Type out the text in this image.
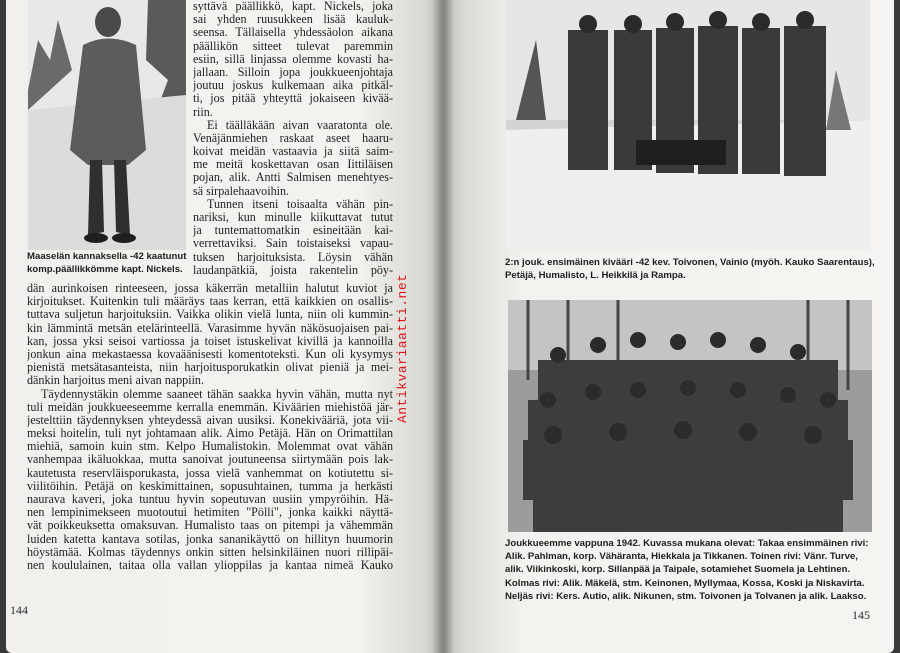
Maaselän kannaksella -42 kaatunut
komp.päällikkömme kapt. Nickels.
2:n jouk. ensimäinen kivääri -42 kev. Toivonen, Vainio (myöh. Kauko Saarentaus),
Petäjä, Humalisto, L. Heikkilä ja Rampa.
Joukkueemme vappuna 1942. Kuvassa mukana olevat: Takaa ensimmäinen rivi:
Alik. Pahlman, korp. Vähäranta, Hiekkala ja Tikkanen. Toinen rivi: Vänr. Turve,
alik. Viikinkoski, korp. Sillanpää ja Taipale, sotamiehet Suomela ja Lehtinen.
Kolmas rivi: Alik. Mäkelä, stm. Keinonen, Myllymaa, Kossa, Koski ja Niskavirta.
Neljäs rivi: Kers. Autio, alik. Nikunen, stm. Toivonen ja Tolvanen ja alik. Laakso.
syttävä päällikkö, kapt. Nickels, joka
sai yhden ruusukkeen lisää kauluk-
seensa. Tällaisella yhdessäolon aikana
päällikön sitteet tulevat paremmin
esiin, sillä linjassa olemme kovasti ha-
jallaan. Silloin jopa joukkueenjohtaja
joutuu joskus kulkemaan aika pitkäl-
ti, jos pitää yhteyttä jokaiseen kivää-
riin.
Ei täälläkään aivan vaaratonta ole.
Venäjänmiehen raskaat aseet haaru-
koivat meidän vastaavia ja siitä saim-
me meitä koskettavan osan Iittiläisen
pojan, alik. Antti Salmisen menehtyes-
sä sirpalehaavoihin.
Tunnen itseni toisaalta vähän pin-
nariksi, kun minulle kiikuttavat tutut
ja tuntemattomatkin esineitään kai-
verrettaviksi. Sain toistaiseksi vapau-
tuksen harjoituksista. Löysin vähän
laudanpätkiä, joista rakentelin pöy-
dän aurinkoisen rinteeseen, jossa käkerrän metalliin halutut kuviot ja
kirjoitukset. Kuitenkin tuli määräys taas kerran, että kaikkien on osallis-
tuttava suljetun harjoituksiin. Vaikka olikin vielä lunta, niin oli kummin-
kin lämmintä metsän etelärinteellä. Varasimme hyvän näkösuojaisen pai-
kan, jossa yksi seisoi vartiossa ja toiset istuskelivat kivillä ja kannoilla
jonkun aina mekastaessa kovaäänisesti komentoteksti. Kun oli kysymys
pienistä metsätasanteista, niin harjoitusporukatkin olivat pieniä ja mei-
dänkin harjoitus meni aivan nappiin.
Täydennystäkin olemme saaneet tähän saakka hyvin vähän, mutta nyt
tuli meidän joukkueeseemme kerralla enemmän. Kiväärien miehistöä jär-
jestelttiin täydennyksen yhteydessä aivan uusiksi. Konekivääriä, jota vii-
meksi hoitelin, tuli nyt johtamaan alik. Aimo Petäjä. Hän on Orimattilan
miehiä, samoin kuin stm. Kelpo Humalistokin. Molemmat ovat vähän
vanhempaa ikäluokkaa, mutta sanoivat joutuneensa siirtymään pois lak-
kautetusta reservläisporukasta, jossa vielä vanhemmat on kotiutettu si-
viilitöihin. Petäjä on keskimittainen, sopusuhtainen, tumma ja herkästi
naurava kaveri, joka tuntuu hyvin sopeutuvan uusiin ympyröihin. Hä-
nen lempinimekseen muotoutui hetimiten "Pölli", jonka kaikki näyttä-
vät poikkeuksetta omaksuvan. Humalisto taas on pitempi ja vähemmän
luiden katetta kantava sotilas, jonka sananikäyttö on hillityn huumorin
höystämää. Kolmas täydennys onkin sitten helsinkiläinen nuori rillipäi-
nen koululainen, taitaa olla vallan ylioppilas ja kantaa nimeä Kauko
144	145
Antikvariaatti.net
